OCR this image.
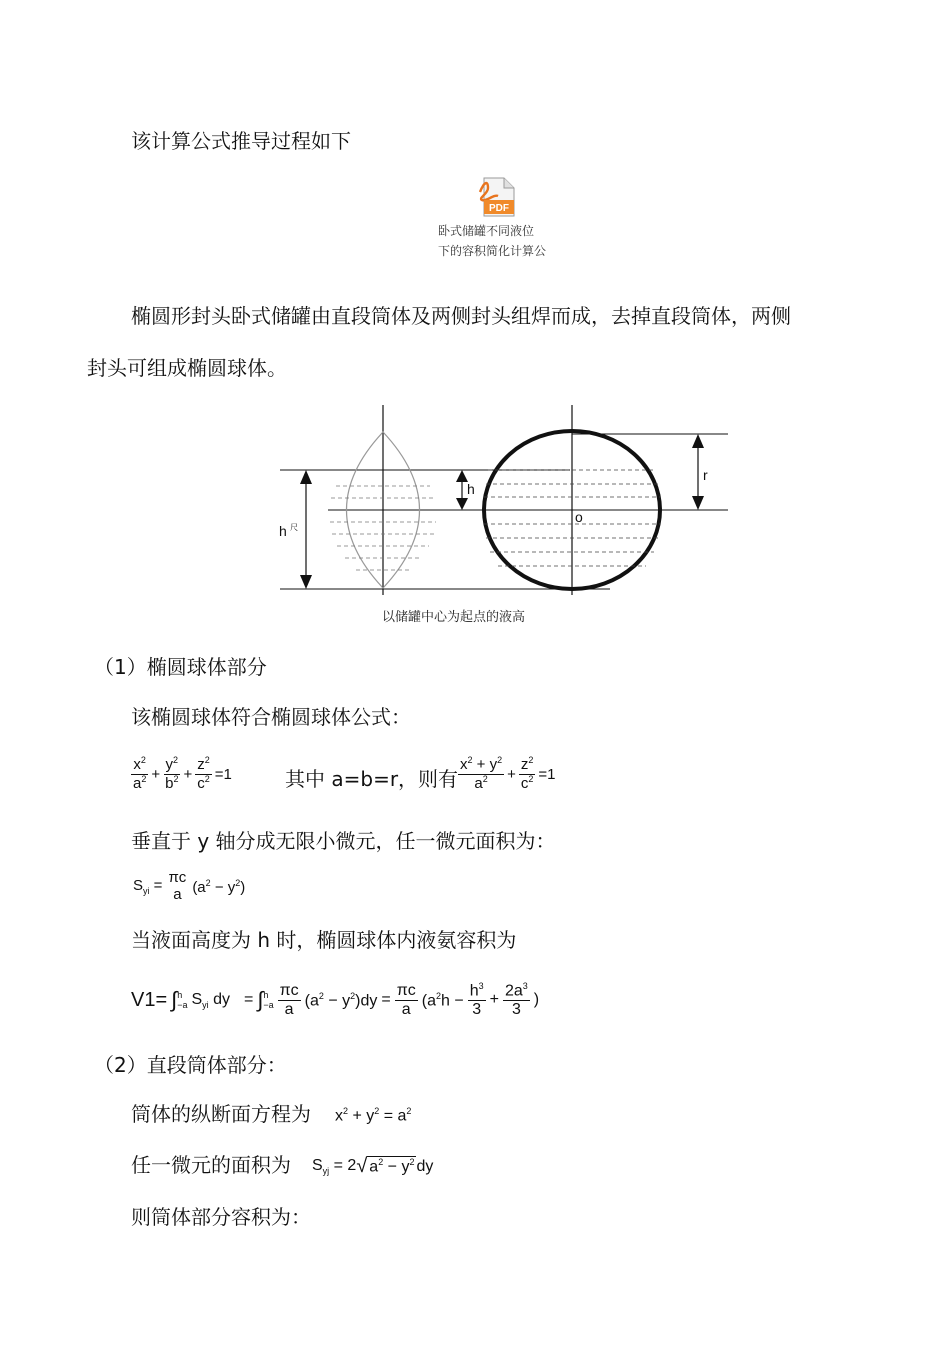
该计算公式推导过程如下
PDF
卧式储罐不同液位
下的容积简化计算公
椭圆形封头卧式储罐由直段筒体及两侧封头组焊而成，去掉直段筒体，两侧
封头可组成椭圆球体。
h 尺
h
o
r
以储罐中心为起点的液高
（1）椭圆球体部分
该椭圆球体符合椭圆球体公式：
$\frac{x^2}{a^2} + \frac{y^2}{b^2} + \frac{z^2}{c^2} =1$	其中 a=b=r，则有 $\frac{x^2 + y^2}{a^2} + \frac{z^2}{c^2} =1$
垂直于 y 轴分成无限小微元，任一微元面积为：
$S_{yi} = \pi c$
a $(a^2 - y^2)$
当液面高度为 h 时，椭圆球体内液氨容积为
V1= ∫ h
−a $S_{yi}$ dy = ∫ h
$-a \frac{\pi c}{a} (a^2 - y^2)dy = \frac{\pi c}{a} (a^2h - \frac{h^3}{3} + \frac{2a^3}{3}$ )
（2）直段筒体部分：
筒体的纵断面方程为 $x^2 + y^2 = a^2$
任一微元的面积为 $S_{yj} = 2$ √ $a^2 - y^2$ dy
则筒体部分容积为：
